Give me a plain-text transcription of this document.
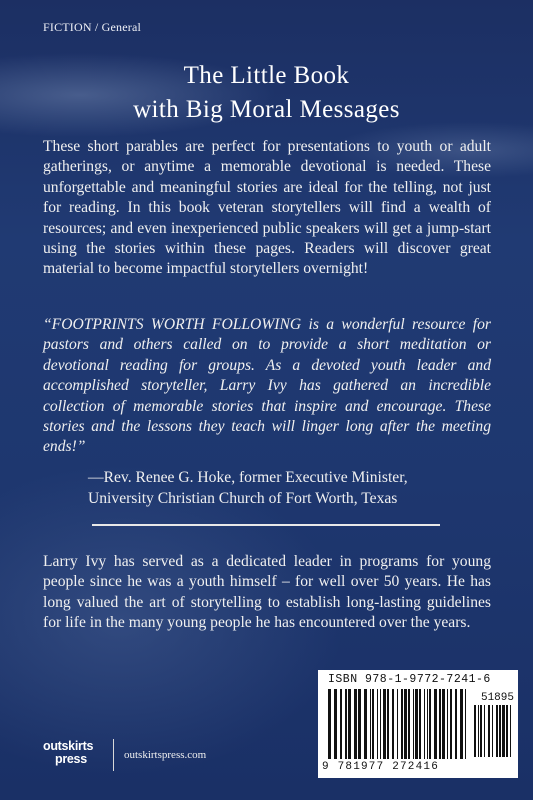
FICTION / General
The Little Book
with Big Moral Messages

These short parables are perfect for presentations to youth or adult gatherings, or anytime a memorable devotional is needed. These unforgettable and meaningful stories are ideal for the telling, not just for reading. In this book veteran storytellers will find a wealth of resources; and even inexperienced public speakers will get a jump-start using the stories within these pages. Readers will discover great material to become impactful storytellers overnight!

“FOOTPRINTS WORTH FOLLOWING is a wonderful resource for pastors and others called on to provide a short meditation or devotional reading for groups. As a devoted youth leader and accomplished storyteller, Larry Ivy has gathered an incredible collection of memorable stories that inspire and encourage. These stories and the lessons they teach will linger long after the meeting ends!”

—Rev. Renee G. Hoke, former Executive Minister,
University Christian Church of Fort Worth, Texas

Larry Ivy has served as a dedicated leader in programs for young people since he was a youth himself – for well over 50 years. He has long valued the art of storytelling to establish long-lasting guidelines for life in the many young people he has encountered over the years.

outskirts
press	outskirtspress.com
ISBN 978-1-9772-7241-6
51895
9 781977 272416
